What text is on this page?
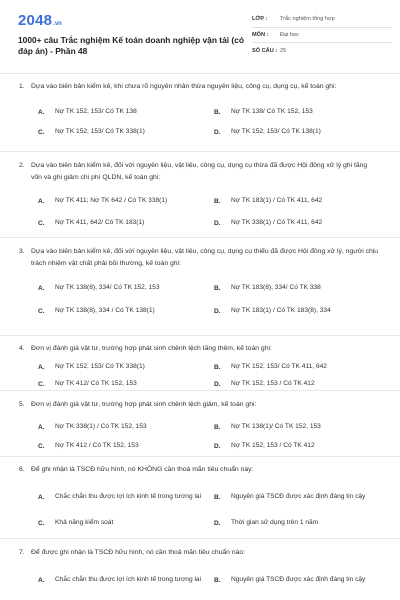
2048 .vn
1000+ câu Trắc nghiệm Kế toán doanh nghiệp vận tải (có đáp án) - Phần 48
LỚP :	Trắc nghiệm tổng hợp
MÔN :	Đại học
SỐ CÂU : 25
1. Dựa vào biên bản kiểm kê, khi chưa rõ nguyên nhân thừa nguyên liệu, công cụ, dụng cụ, kế toán ghi:
A.	Nợ TK 152, 153/ Có TK 138	B.	Nợ TK 138/ Có TK 152, 153
C.	Nợ TK 152, 153/ Có TK 338(1)	D.	Nợ TK 152, 153/ Có TK 138(1)
2. Dựa vào biên bản kiểm kê, đối với nguyên liệu, vật liệu, công cụ, dụng cụ thừa đã được Hội đồng xử lý ghi tăng vốn và ghi giảm chi phí QLDN, kế toán ghi:
A.	Nợ TK 411; Nợ TK 642 / Có TK 338(1)	B.	Nợ TK 183(1) / Có TK 411, 642
C.	Nợ TK 411, 642/ Có TK 183(1)	D.	Nợ TK 338(1) / Có TK 411, 642
3. Dựa vào biên bản kiểm kê, đối với nguyên liệu, vật liệu, công cụ, dụng cụ thiếu đã được Hội đồng xử lý, người chịu trách nhiệm vật chất phải bồi thường, kế toán ghi:
A.	Nợ TK 138(8), 334/ Có TK 152, 153	B.	Nợ TK 183(8), 334/ Có TK 338
C.	Nợ TK 138(8), 334 / Có TK 138(1)	D.	Nợ TK 183(1) / Có TK 183(8), 334
4. Đơn vị đánh giá vật tư, trường hợp phát sinh chênh lệch tăng thêm, kế toán ghi:
A.	Nợ TK 152, 153/ Có TK 338(1)	B.	Nợ TK 152, 153/ Có TK 411, 642
C.	Nợ TK 412/ Có TK 152, 153	D.	Nợ TK 152, 153 / Có TK 412
5. Đơn vị đánh giá vật tư, trường hợp phát sinh chênh lệch giảm, kế toán ghi:
A.	Nợ TK 338(1) / Có TK 152, 153	B.	Nợ TK 138(1)/ Có TK 152, 153
C.	Nợ TK 412 / Có TK 152, 153	D.	Nợ TK 152, 153 / Có TK 412
6. Để ghi nhận là TSCĐ hữu hình, nó KHÔNG cần thoả mãn tiêu chuẩn này:
A.	Chắc chắn thu được lợi ích kinh tế trong tương lai	B.	Nguyên giá TSCĐ được xác định đáng tin cậy
C.	Khả năng kiểm soát	D.	Thời gian sử dụng trên 1 năm
7. Để được ghi nhận là TSCĐ hữu hình, nó cần thoả mãn tiêu chuẩn nào:
A.	Chắc chắn thu được lợi ích kinh tế trong tương lai	B.	Nguyên giá TSCĐ được xác định đáng tin cậy
